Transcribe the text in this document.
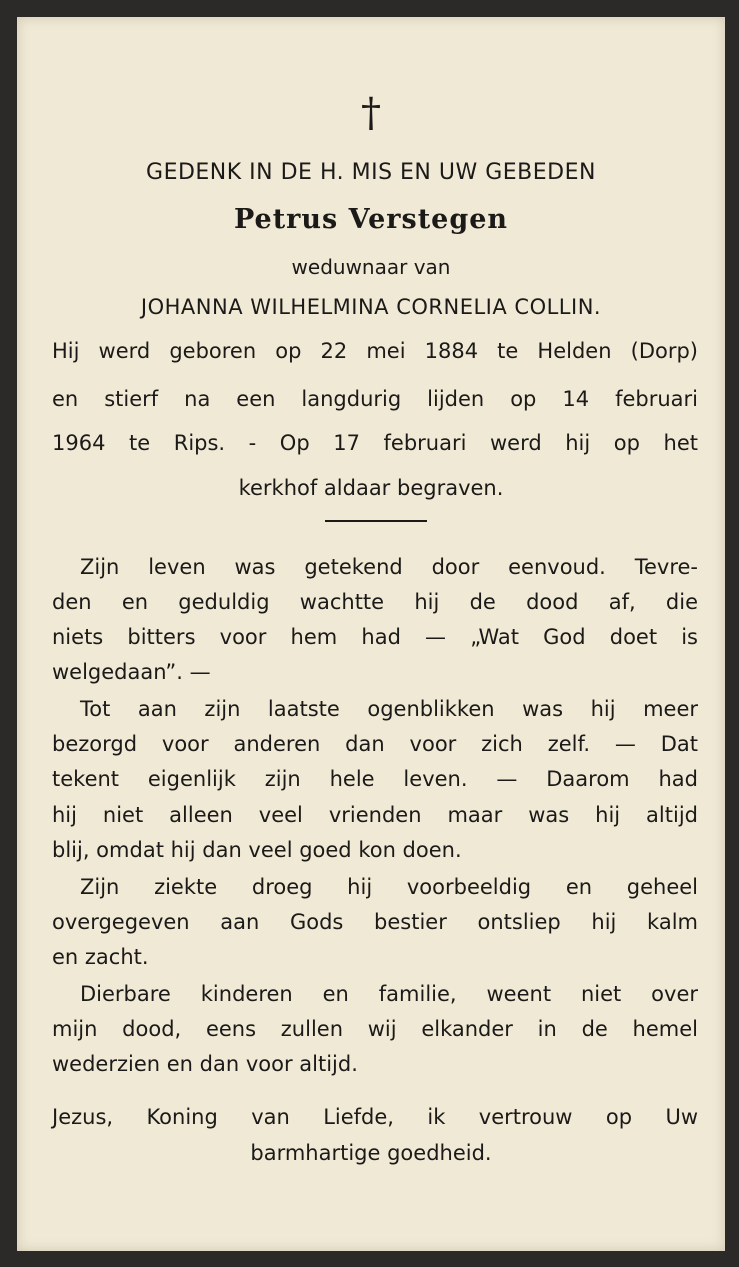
†
GEDENK IN DE H. MIS EN UW GEBEDEN
Petrus Verstegen
weduwnaar van
JOHANNA WILHELMINA CORNELIA COLLIN.
Hij werd geboren op 22 mei 1884 te Helden (Dorp)
en stierf na een langdurig lijden op 14 februari
1964 te Rips. - Op 17 februari werd hij op het
kerkhof aldaar begraven.
Zijn leven was getekend door eenvoud. Tevre-
den en geduldig wachtte hij de dood af, die
niets bitters voor hem had — „Wat God doet is
welgedaan”. —
Tot aan zijn laatste ogenblikken was hij meer
bezorgd voor anderen dan voor zich zelf. — Dat
tekent eigenlijk zijn hele leven. — Daarom had
hij niet alleen veel vrienden maar was hij altijd
blij, omdat hij dan veel goed kon doen.
Zijn ziekte droeg hij voorbeeldig en geheel
overgegeven aan Gods bestier ontsliep hij kalm
en zacht.
Dierbare kinderen en familie, weent niet over
mijn dood, eens zullen wij elkander in de hemel
wederzien en dan voor altijd.
Jezus, Koning van Liefde, ik vertrouw op Uw
barmhartige goedheid.
